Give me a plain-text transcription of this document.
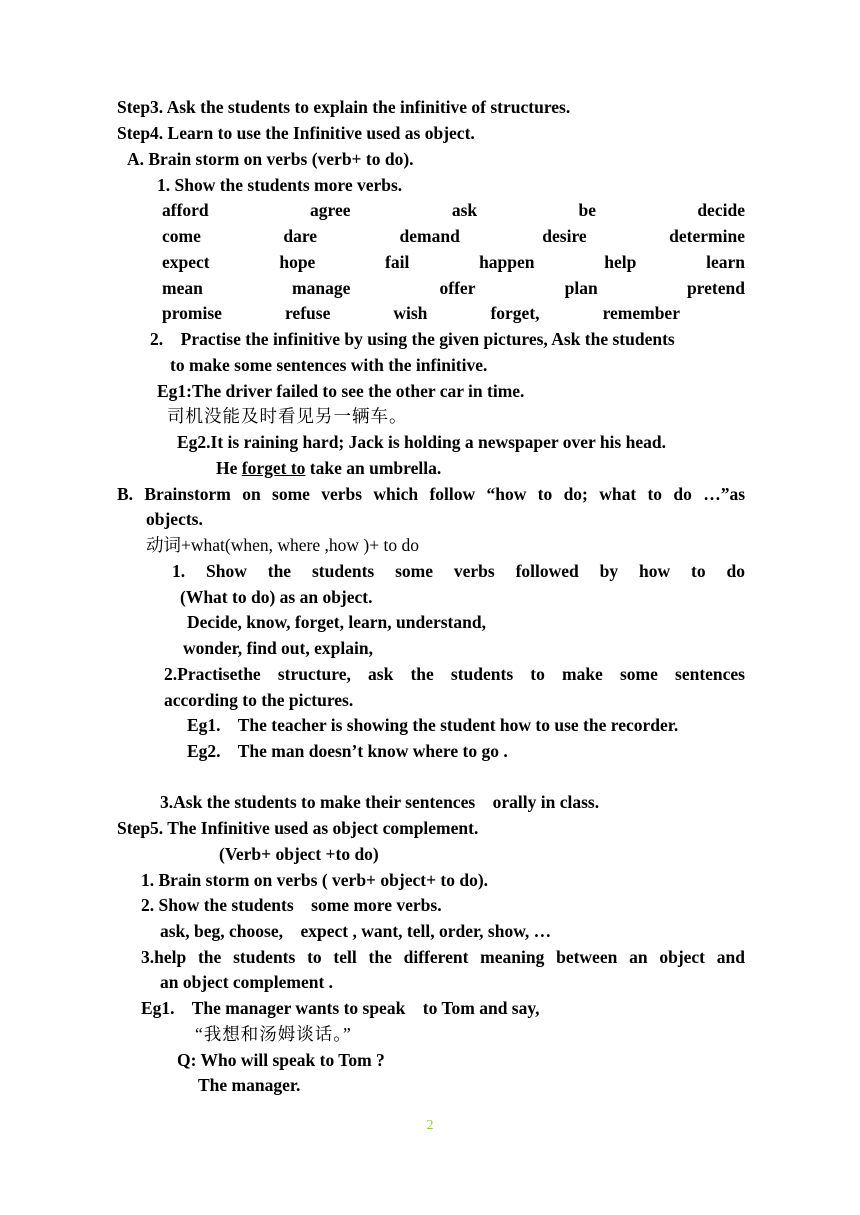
Step3. Ask the students to explain the infinitive of structures.
Step4. Learn to use the Infinitive used as object.
A. Brain storm on verbs (verb+ to do).
1. Show the students more verbs.
afford	agree	ask	be	decide
come	dare	demand	desire	determine
expect	hope	fail	happen	help	learn
mean	manage	offer	plan	pretend
promise	refuse	wish	forget,	remember
2.    Practise the infinitive by using the given pictures, Ask the students
to make some sentences with the infinitive.
Eg1:The driver failed to see the other car in time.
司机没能及时看见另一辆车。
Eg2.It is raining hard; Jack is holding a newspaper over his head.
He forget to take an umbrella.
B. Brainstorm on some verbs which follow “how to do; what to do …”as
objects.
动词+what(when, where ,how )+ to do
1. Show the students some verbs followed by how to do
(What to do) as an object.
Decide, know, forget, learn, understand,
wonder, find out, explain,
2.Practisethe structure, ask the students to make some sentences
according to the pictures.
Eg1.    The teacher is showing the student how to use the recorder.
Eg2.    The man doesn’t know where to go .
3.Ask the students to make their sentences    orally in class.
Step5. The Infinitive used as object complement.
(Verb+ object +to do)
1. Brain storm on verbs ( verb+ object+ to do).
2. Show the students    some more verbs.
ask, beg, choose,    expect , want, tell, order, show, …
3.help the students to tell the different meaning between an object and
an object complement .
Eg1.    The manager wants to speak    to Tom and say,
“我想和汤姆谈话。”
Q: Who will speak to Tom ?
The manager.
2
